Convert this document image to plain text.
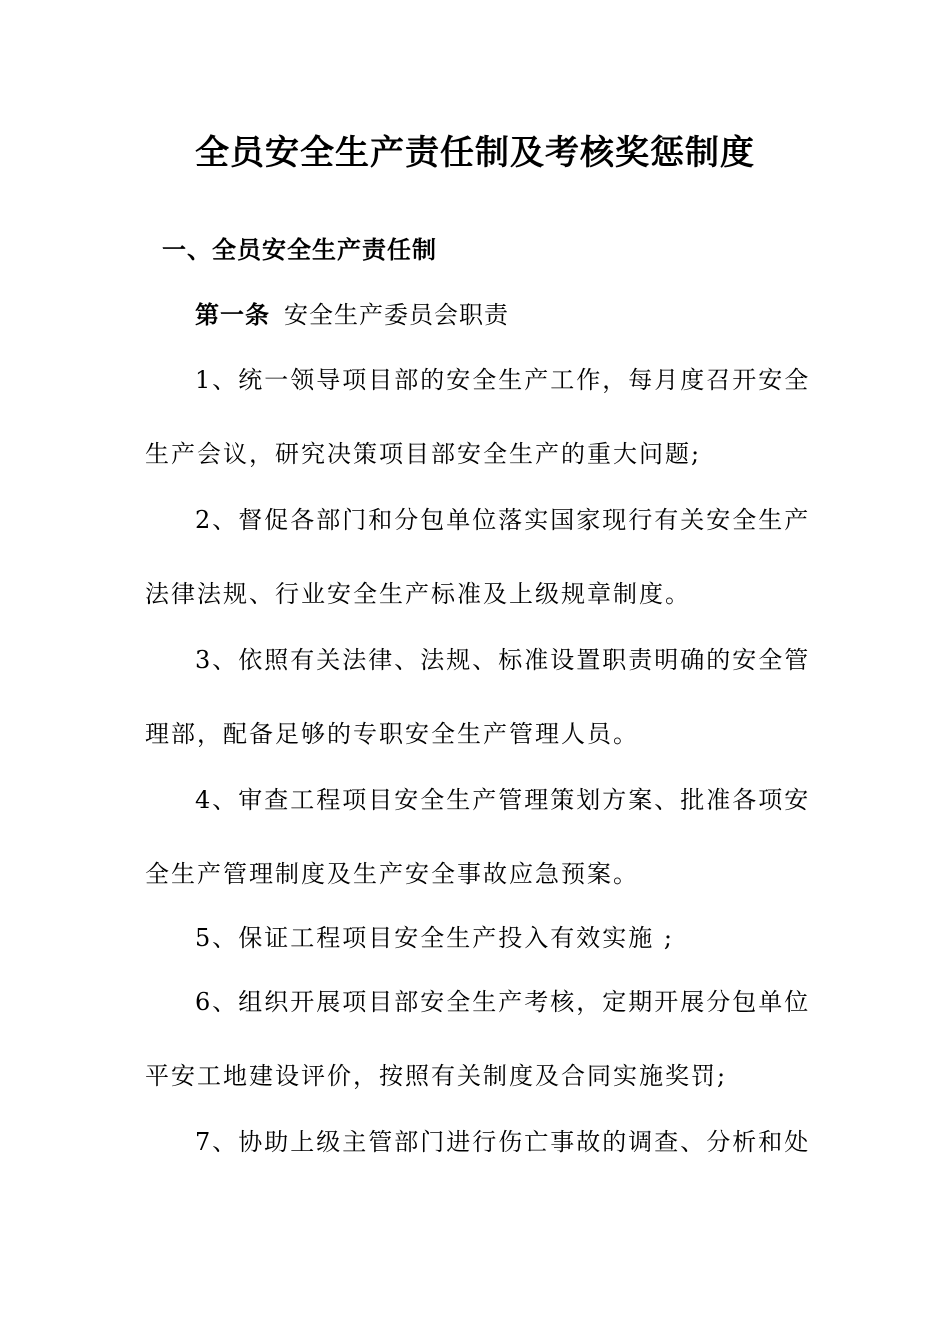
全员安全生产责任制及考核奖惩制度
一、全员安全生产责任制
第一条 安全生产委员会职责
1、统一领导项目部的安全生产工作，每月度召开安全
生产会议，研究决策项目部安全生产的重大问题;
2、督促各部门和分包单位落实国家现行有关安全生产
法律法规、行业安全生产标准及上级规章制度。
3、依照有关法律、法规、标准设置职责明确的安全管
理部，配备足够的专职安全生产管理人员。
4、审查工程项目安全生产管理策划方案、批准各项安
全生产管理制度及生产安全事故应急预案。
5、保证工程项目安全生产投入有效实施 ;
6、组织开展项目部安全生产考核，定期开展分包单位
平安工地建设评价，按照有关制度及合同实施奖罚;
7、协助上级主管部门进行伤亡事故的调查、分析和处
